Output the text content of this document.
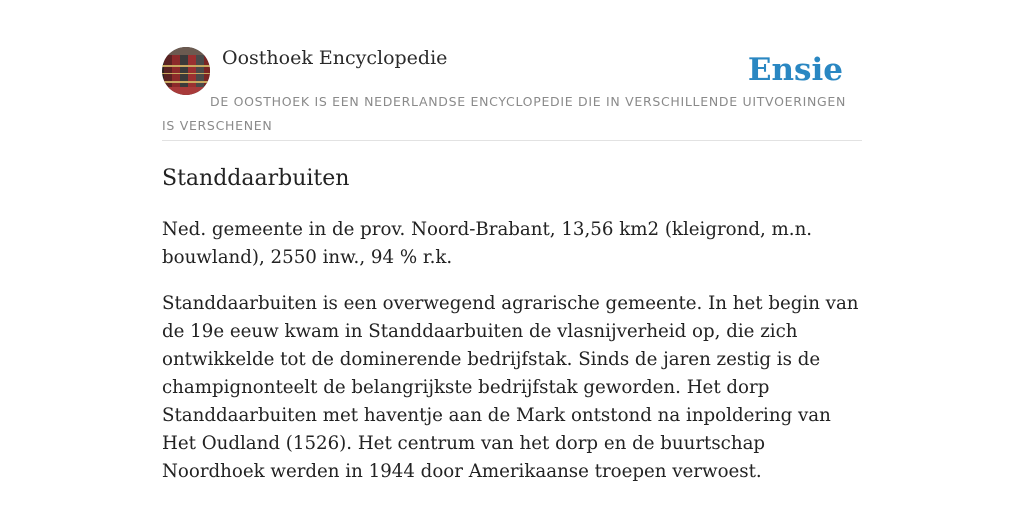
Oosthoek Encyclopedie	Ensie
DE OOSTHOEK IS EEN NEDERLANDSE ENCYCLOPEDIE DIE IN VERSCHILLENDE UITVOERINGEN IS VERSCHENEN
Standdaarbuiten

Ned. gemeente in de prov. Noord-Brabant, 13,56 km2 (kleigrond, m.n. bouwland), 2550 inw., 94 % r.k.

Standdaarbuiten is een overwegend agrarische gemeente. In het begin van de 19e eeuw kwam in Standdaarbuiten de vlasnijverheid op, die zich ontwikkelde tot de dominerende bedrijfstak. Sinds de jaren zestig is de champignonteelt de belangrijkste bedrijfstak geworden. Het dorp Standdaarbuiten met haventje aan de Mark ontstond na inpoldering van Het Oudland (1526). Het centrum van het dorp en de buurtschap Noordhoek werden in 1944 door Amerikaanse troepen verwoest.
